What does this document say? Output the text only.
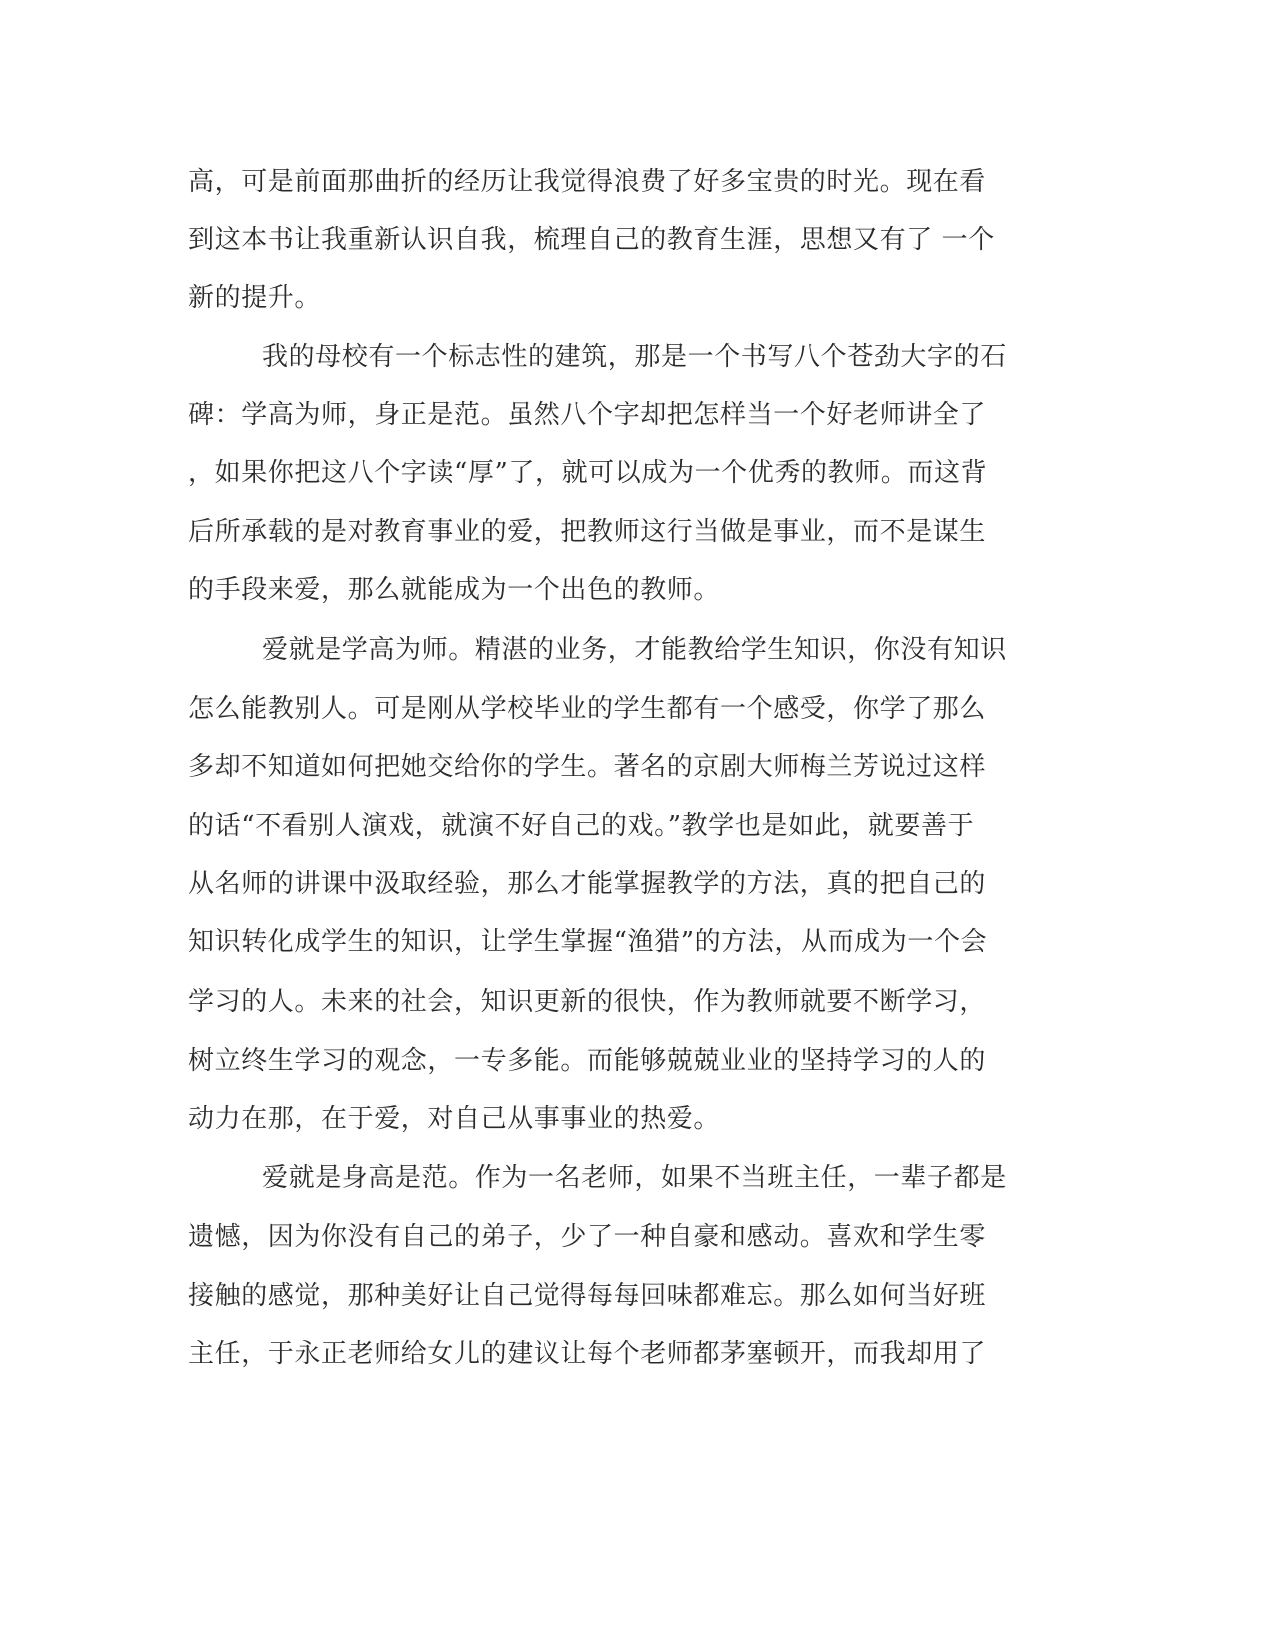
高，可是前面那曲折的经历让我觉得浪费了好多宝贵的时光。现在看
到这本书让我重新认识自我，梳理自己的教育生涯，思想又有了 一个
新的提升。
我的母校有一个标志性的建筑，那是一个书写八个苍劲大字的石
碑：学高为师，身正是范。虽然八个字却把怎样当一个好老师讲全了
，如果你把这八个字读“厚”了，就可以成为一个优秀的教师。而这背
后所承载的是对教育事业的爱，把教师这行当做是事业，而不是谋生
的手段来爱，那么就能成为一个出色的教师。
爱就是学高为师。精湛的业务，才能教给学生知识，你没有知识
怎么能教别人。可是刚从学校毕业的学生都有一个感受，你学了那么
多却不知道如何把她交给你的学生。著名的京剧大师梅兰芳说过这样
的话“不看别人演戏，就演不好自己的戏。”教学也是如此，就要善于
从名师的讲课中汲取经验，那么才能掌握教学的方法，真的把自己的
知识转化成学生的知识，让学生掌握“渔猎”的方法，从而成为一个会
学习的人。未来的社会，知识更新的很快，作为教师就要不断学习，
树立终生学习的观念，一专多能。而能够兢兢业业的坚持学习的人的
动力在那，在于爱，对自己从事事业的热爱。
爱就是身高是范。作为一名老师，如果不当班主任，一辈子都是
遗憾，因为你没有自己的弟子，少了一种自豪和感动。喜欢和学生零
接触的感觉，那种美好让自己觉得每每回味都难忘。那么如何当好班
主任，于永正老师给女儿的建议让每个老师都茅塞顿开，而我却用了
